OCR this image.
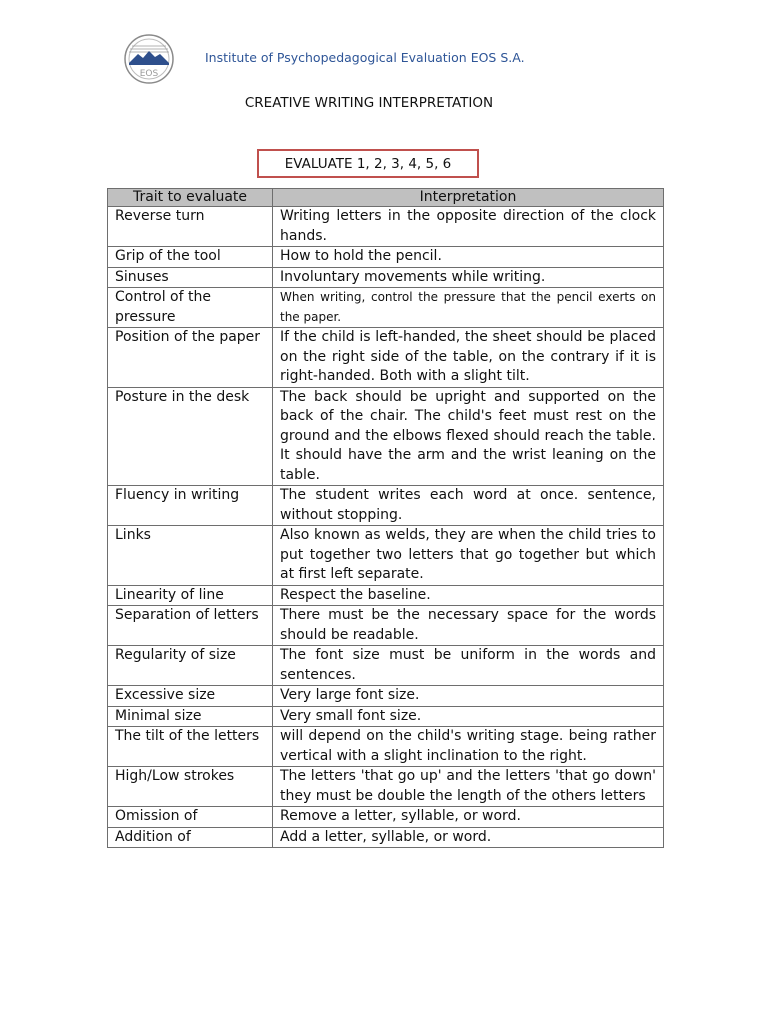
EOS
Institute of Psychopedagogical Evaluation EOS S.A.
CREATIVE WRITING INTERPRETATION
EVALUATE 1, 2, 3, 4, 5, 6
Trait to evaluate	Interpretation
Reverse turn	Writing letters in the opposite direction of the clock hands.
Grip of the tool	How to hold the pencil.
Sinuses	Involuntary movements while writing.
Control of the pressure	When writing, control the pressure that the pencil exerts on the paper.
Position of the paper	If the child is left-handed, the sheet should be placed on the right side of the table, on the contrary if it is right-handed. Both with a slight tilt.
Posture in the desk	The back should be upright and supported on the back of the chair. The child's feet must rest on the ground and the elbows flexed should reach the table. It should have the arm and the wrist leaning on the table.
Fluency in writing	The student writes each word at once. sentence, without stopping.
Links	Also known as welds, they are when the child tries to put together two letters that go together but which at first left separate.
Linearity of line	Respect the baseline.
Separation of letters	There must be the necessary space for the words should be readable.
Regularity of size	The font size must be uniform in the words and sentences.
Excessive size	Very large font size.
Minimal size	Very small font size.
The tilt of the letters	will depend on the child's writing stage. being rather vertical with a slight inclination to the right.
High/Low strokes	The letters 'that go up' and the letters 'that go down' they must be double the length of the others letters
Omission of	Remove a letter, syllable, or word.
Addition of	Add a letter, syllable, or word.
